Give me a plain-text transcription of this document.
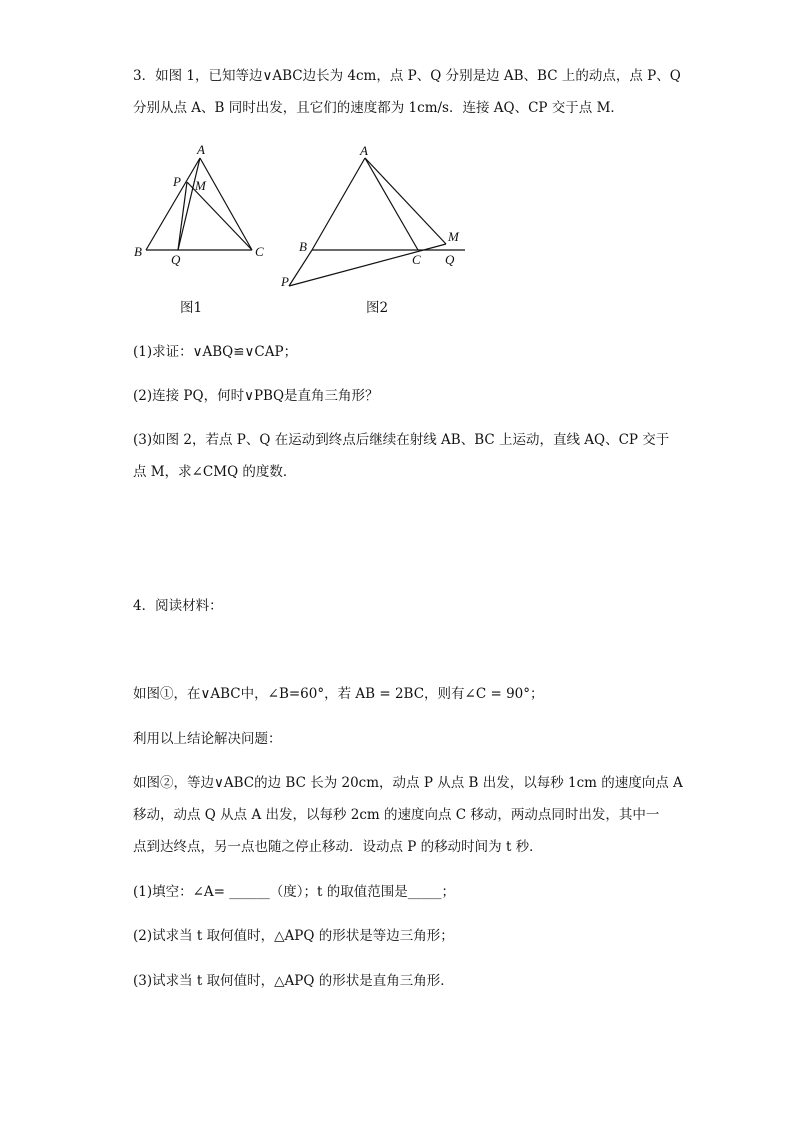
3．如图 1，已知等边∨ABC边长为 4cm，点 P、Q 分别是边 AB、BC 上的动点，点 P、Q
分别从点 A、B 同时出发，且它们的速度都为 1cm/s．连接 AQ、CP 交于点 M．
A
B	C
P
Q
M
图1
A
B
C
P
Q
M
图2
(1)求证：∨ABQ≌∨CAP；
(2)连接 PQ，何时∨PBQ是直角三角形？
(3)如图 2，若点 P、Q 在运动到终点后继续在射线 AB、BC 上运动，直线 AQ、CP 交于
点 M，求∠CMQ 的度数．
4．阅读材料：
如图①，在∨ABC中，∠B=60°，若 AB = 2BC，则有∠C = 90°；
利用以上结论解决问题：
如图②，等边∨ABC的边 BC 长为 20cm，动点 P 从点 B 出发，以每秒 1cm 的速度向点 A
移动，动点 Q 从点 A 出发，以每秒 2cm 的速度向点 C 移动，两动点同时出发，其中一
点到达终点，另一点也随之停止移动．设动点 P 的移动时间为 t 秒．
(1)填空：∠A= ______（度）；t 的取值范围是_____；
(2)试求当 t 取何值时，△APQ 的形状是等边三角形；
(3)试求当 t 取何值时，△APQ 的形状是直角三角形．
